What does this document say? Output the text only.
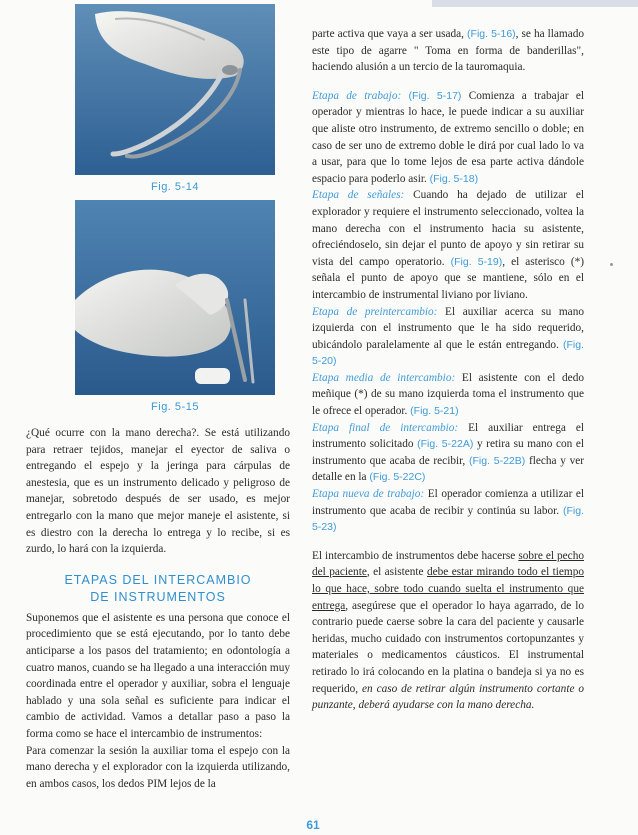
Fig. 5-14
Fig. 5-15

¿Qué ocurre con la mano derecha?. Se está utilizando para retraer tejidos, manejar el eyector de saliva o entregando el espejo y la jeringa para cárpulas de anestesia, que es un instrumento delicado y peligroso de manejar, sobretodo después de ser usado, es mejor entregarlo con la mano que mejor maneje el asistente, si es diestro con la derecha lo entrega y lo recibe, si es zurdo, lo hará con la izquierda.

ETAPAS DEL INTERCAMBIO
DE INSTRUMENTOS

Suponemos que el asistente es una persona que conoce el procedimiento que se está ejecutando, por lo tanto debe anticiparse a los pasos del tratamiento; en odontología a cuatro manos, cuando se ha llegado a una interacción muy coordinada entre el operador y auxiliar, sobra el lenguaje hablado y una sola señal es suficiente para indicar el cambio de actividad. Vamos a detallar paso a paso la forma como se hace el intercambio de instrumentos:

Para comenzar la sesión la auxiliar toma el espejo con la mano derecha y el explorador con la izquierda utilizando, en ambos casos, los dedos PIM lejos de la

parte activa que vaya a ser usada, (Fig. 5-16), se ha llamado este tipo de agarre " Toma en forma de banderillas", haciendo alusión a un tercio de la tauromaquia.

Etapa de trabajo: (Fig. 5-17) Comienza a trabajar el operador y mientras lo hace, le puede indicar a su auxiliar que aliste otro instrumento, de extremo sencillo o doble; en caso de ser uno de extremo doble le dirá por cual lado lo va a usar, para que lo tome lejos de esa parte activa dándole espacio para poderlo asir. (Fig. 5-18)

Etapa de señales: Cuando ha dejado de utilizar el explorador y requiere el instrumento seleccionado, voltea la mano derecha con el instrumento hacia su asistente, ofreciéndoselo, sin dejar el punto de apoyo y sin retirar su vista del campo operatorio. (Fig. 5-19), el asterisco (*) señala el punto de apoyo que se mantiene, sólo en el intercambio de instrumental liviano por liviano.

Etapa de preintercambio: El auxiliar acerca su mano izquierda con el instrumento que le ha sido requerido, ubicándolo paralelamente al que le están entregando. (Fig. 5-20)

Etapa media de intercambio: El asistente con el dedo meñique (*) de su mano izquierda toma el instrumento que le ofrece el operador. (Fig. 5-21)

Etapa final de intercambio: El auxiliar entrega el instrumento solicitado (Fig. 5-22A) y retira su mano con el instrumento que acaba de recibir, (Fig. 5-22B) flecha y ver detalle en la (Fig. 5-22C)

Etapa nueva de trabajo: El operador comienza a utilizar el instrumento que acaba de recibir y continúa su labor. (Fig. 5-23)

El intercambio de instrumentos debe hacerse sobre el pecho del paciente, el asistente debe estar mirando todo el tiempo lo que hace, sobre todo cuando suelta el instrumento que entrega, asegúrese que el operador lo haya agarrado, de lo contrario puede caerse sobre la cara del paciente y causarle heridas, mucho cuidado con instrumentos cortopunzantes y materiales o medicamentos cáusticos. El instrumental retirado lo irá colocando en la platina o bandeja si ya no es requerido, en caso de retirar algún instrumento cortante o punzante, deberá ayudarse con la mano derecha.

61
